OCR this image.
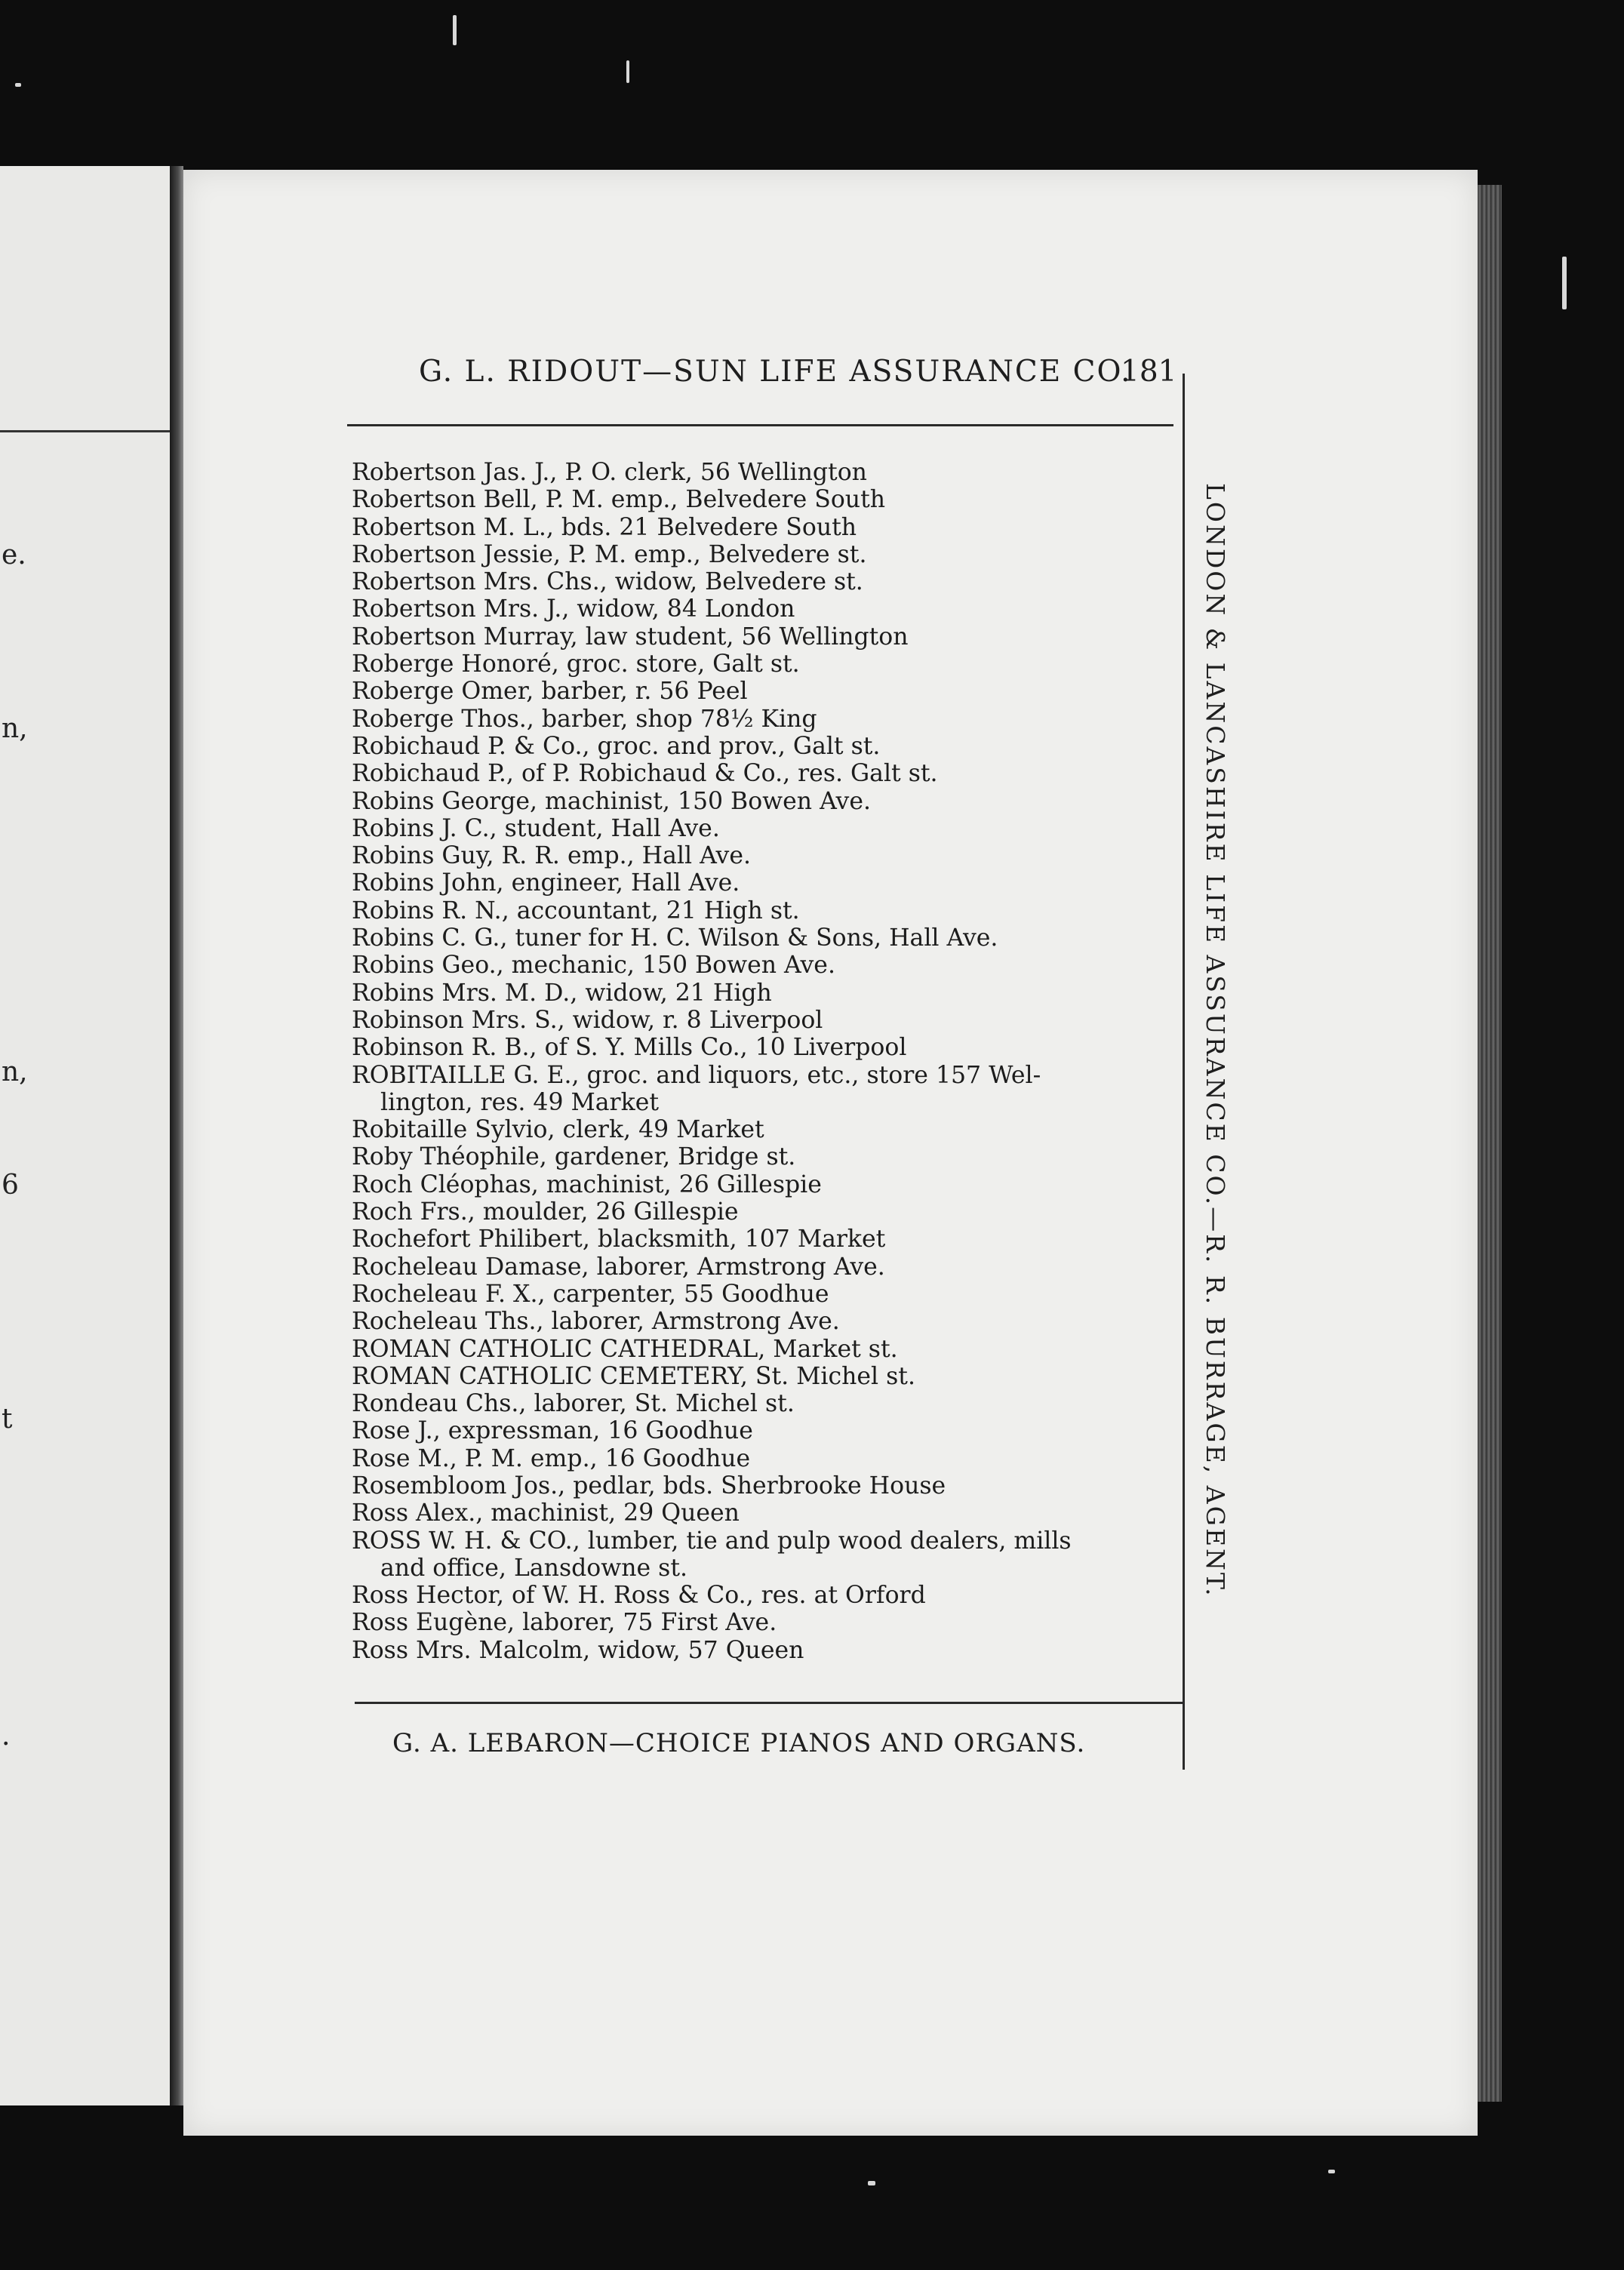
e.
n,
n,
6
t
.
G. L. RIDOUT—SUN LIFE ASSURANCE CO.
181
LONDON & LANCASHIRE LIFE ASSURANCE CO.—R. R. BURRAGE, AGENT.
Robertson Jas. J., P. O. clerk, 56 Wellington
Robertson Bell, P. M. emp., Belvedere South
Robertson M. L., bds. 21 Belvedere South
Robertson Jessie, P. M. emp., Belvedere st.
Robertson Mrs. Chs., widow, Belvedere st.
Robertson Mrs. J., widow, 84 London
Robertson Murray, law student, 56 Wellington
Roberge Honoré, groc. store, Galt st.
Roberge Omer, barber, r. 56 Peel
Roberge Thos., barber, shop 78½ King
Robichaud P. & Co., groc. and prov., Galt st.
Robichaud P., of P. Robichaud & Co., res. Galt st.
Robins George, machinist, 150 Bowen Ave.
Robins J. C., student, Hall Ave.
Robins Guy, R. R. emp., Hall Ave.
Robins John, engineer, Hall Ave.
Robins R. N., accountant, 21 High st.
Robins C. G., tuner for H. C. Wilson & Sons, Hall Ave.
Robins Geo., mechanic, 150 Bowen Ave.
Robins Mrs. M. D., widow, 21 High
Robinson Mrs. S., widow, r. 8 Liverpool
Robinson R. B., of S. Y. Mills Co., 10 Liverpool
ROBITAILLE G. E., groc. and liquors, etc., store 157 Wel-
lington, res. 49 Market
Robitaille Sylvio, clerk, 49 Market
Roby Théophile, gardener, Bridge st.
Roch Cléophas, machinist, 26 Gillespie
Roch Frs., moulder, 26 Gillespie
Rochefort Philibert, blacksmith, 107 Market
Rocheleau Damase, laborer, Armstrong Ave.
Rocheleau F. X., carpenter, 55 Goodhue
Rocheleau Ths., laborer, Armstrong Ave.
ROMAN CATHOLIC CATHEDRAL, Market st.
ROMAN CATHOLIC CEMETERY, St. Michel st.
Rondeau Chs., laborer, St. Michel st.
Rose J., expressman, 16 Goodhue
Rose M., P. M. emp., 16 Goodhue
Rosembloom Jos., pedlar, bds. Sherbrooke House
Ross Alex., machinist, 29 Queen
ROSS W. H. & CO., lumber, tie and pulp wood dealers, mills
and office, Lansdowne st.
Ross Hector, of W. H. Ross & Co., res. at Orford
Ross Eugène, laborer, 75 First Ave.
Ross Mrs. Malcolm, widow, 57 Queen
G. A. LEBARON—CHOICE PIANOS AND ORGANS.
